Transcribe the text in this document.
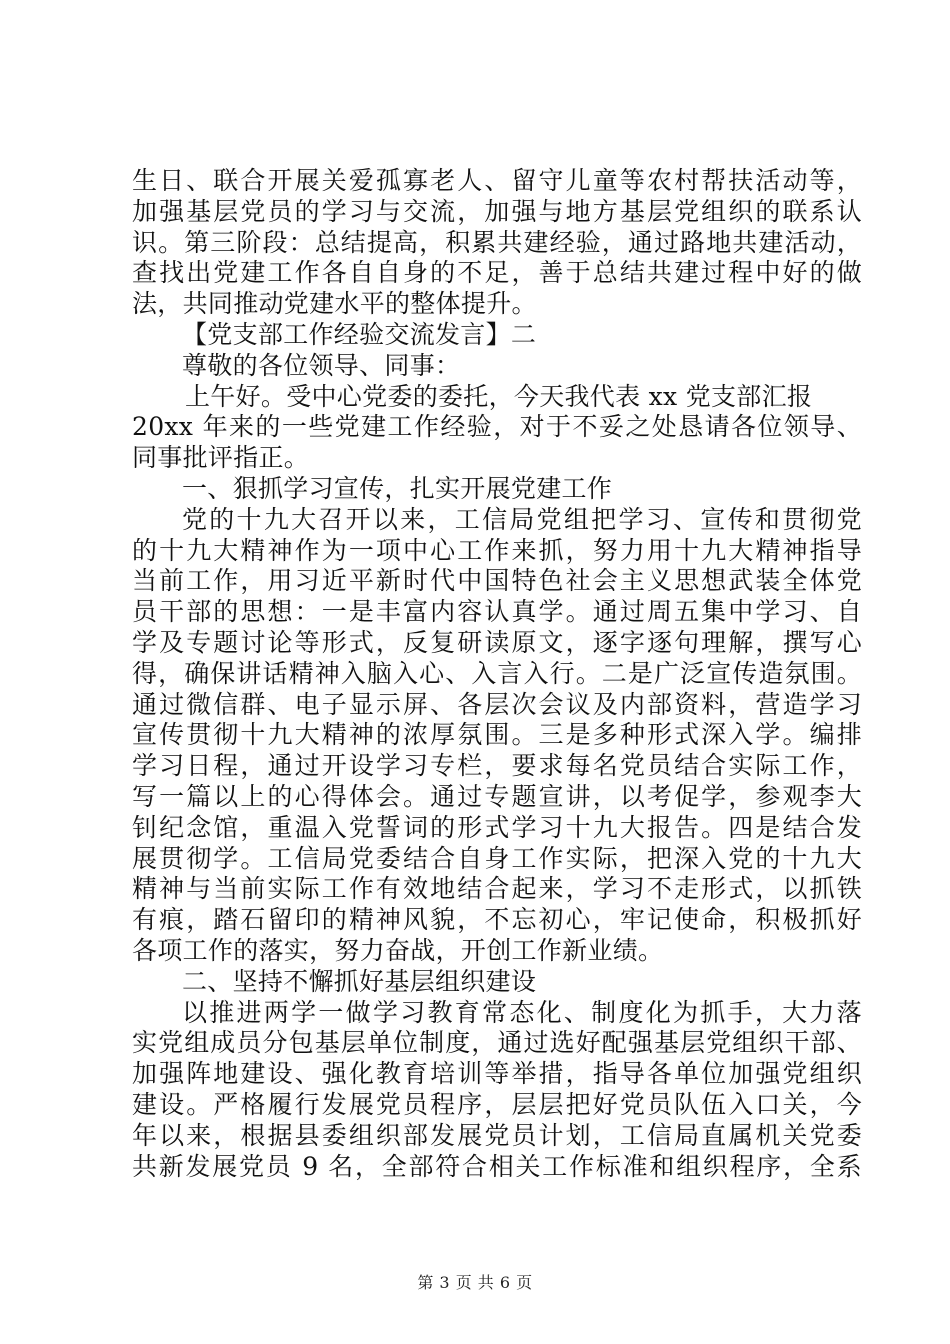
生日、联合开展关爱孤寡老人、留守儿童等农村帮扶活动等，
加强基层党员的学习与交流，加强与地方基层党组织的联系认
识。第三阶段：总结提高，积累共建经验，通过路地共建活动，
查找出党建工作各自自身的不足，善于总结共建过程中好的做
法，共同推动党建水平的整体提升。
【党支部工作经验交流发言】二
尊敬的各位领导、同事：
上午好。受中心党委的委托，今天我代表 xx 党支部汇报
20xx 年来的一些党建工作经验，对于不妥之处恳请各位领导、
同事批评指正。
一、狠抓学习宣传，扎实开展党建工作
党的十九大召开以来，工信局党组把学习、宣传和贯彻党
的十九大精神作为一项中心工作来抓，努力用十九大精神指导
当前工作，用习近平新时代中国特色社会主义思想武装全体党
员干部的思想：一是丰富内容认真学。通过周五集中学习、自
学及专题讨论等形式，反复研读原文，逐字逐句理解，撰写心
得，确保讲话精神入脑入心、入言入行。二是广泛宣传造氛围。
通过微信群、电子显示屏、各层次会议及内部资料，营造学习
宣传贯彻十九大精神的浓厚氛围。三是多种形式深入学。编排
学习日程，通过开设学习专栏，要求每名党员结合实际工作，
写一篇以上的心得体会。通过专题宣讲，以考促学，参观李大
钊纪念馆，重温入党誓词的形式学习十九大报告。四是结合发
展贯彻学。工信局党委结合自身工作实际，把深入党的十九大
精神与当前实际工作有效地结合起来，学习不走形式，以抓铁
有痕，踏石留印的精神风貌，不忘初心，牢记使命，积极抓好
各项工作的落实，努力奋战，开创工作新业绩。
二、坚持不懈抓好基层组织建设
以推进两学一做学习教育常态化、制度化为抓手，大力落
实党组成员分包基层单位制度，通过选好配强基层党组织干部、
加强阵地建设、强化教育培训等举措，指导各单位加强党组织
建设。严格履行发展党员程序，层层把好党员队伍入口关，今
年以来，根据县委组织部发展党员计划，工信局直属机关党委
共新发展党员 9 名，全部符合相关工作标准和组织程序，全系
第 3 页 共 6 页
